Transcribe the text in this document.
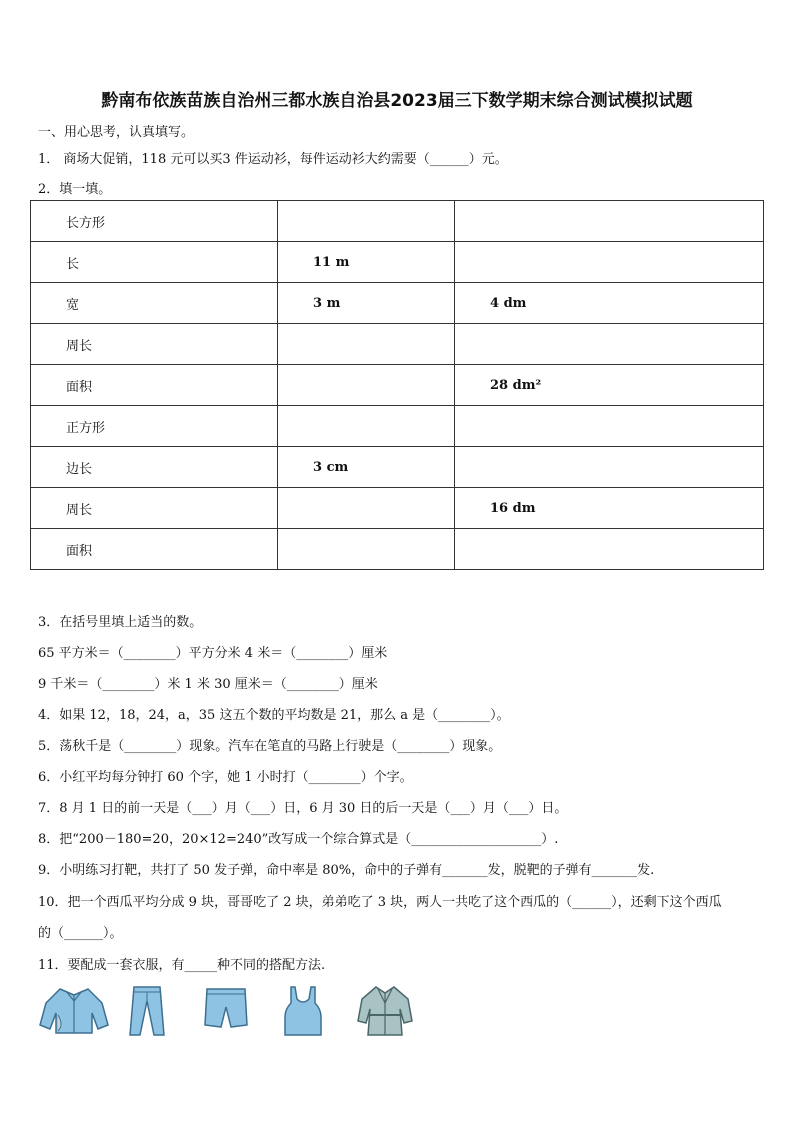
黔南布依族苗族自治州三都水族自治县2023届三下数学期末综合测试模拟试题
一、用心思考，认真填写。
1． 商场大促销，118 元可以买3 件运动衫，每件运动衫大约需要（______）元。
2．填一填。
长方形		
长	11 m	
宽	3 m	4 dm
周长		
面积		28 dm²
正方形		
边长	3 cm	
周长		16 dm
面积		
3．在括号里填上适当的数。
65 平方米＝（________）平方分米 4 米＝（________）厘米
9 千米＝（________）米 1 米 30 厘米＝（________）厘米
4．如果 12，18，24，a，35 这五个数的平均数是 21，那么 a 是（________）。
5．荡秋千是（________）现象。汽车在笔直的马路上行驶是（________）现象。
6．小红平均每分钟打 60 个字，她 1 小时打（________）个字。
7．8 月 1 日的前一天是（___）月（___）日，6 月 30 日的后一天是（___）月（___）日。
8．把“200－180=20，20×12=240”改写成一个综合算式是（____________________）.
9．小明练习打靶，共打了 50 发子弹，命中率是 80%，命中的子弹有_______发，脱靶的子弹有_______发.
10．把一个西瓜平均分成 9 块，哥哥吃了 2 块，弟弟吃了 3 块，两人一共吃了这个西瓜的（______），还剩下这个西瓜
的（______）。
11．要配成一套衣服，有_____种不同的搭配方法.
